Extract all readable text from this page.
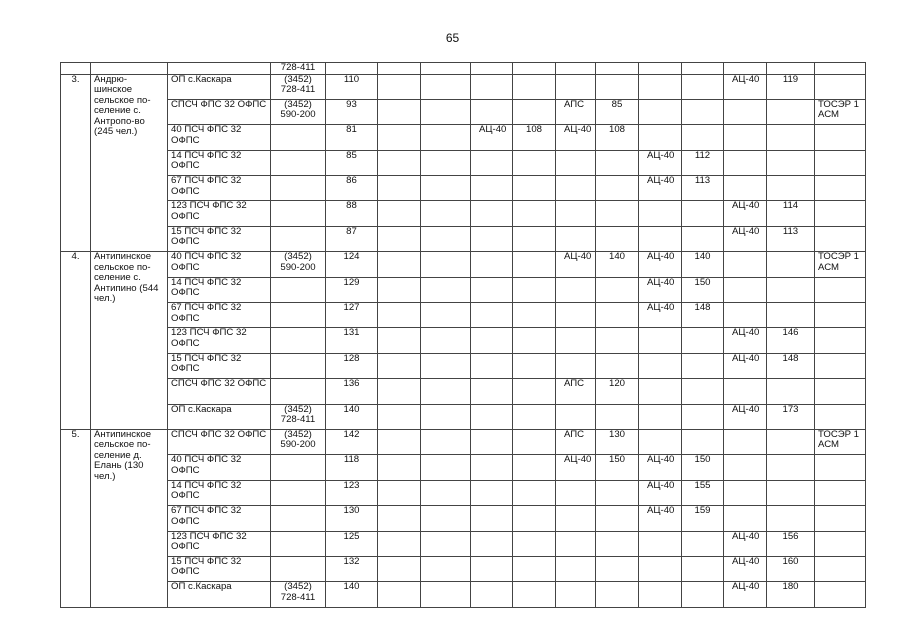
65
			728-411												
3.	Андрю-шинское сельское по-селение с. Антропо-во (245 чел.)	ОП с.Каскара	(3452) 728-411	110									АЦ-40	119	
		СПСЧ ФПС 32 ОФПС	(3452) 590-200	93					АПС	85					ТОСЭР 1 АСМ
		40 ПСЧ ФПС 32 ОФПС		81			АЦ-40	108	АЦ-40	108					
		14 ПСЧ ФПС 32 ОФПС		85							АЦ-40	112			
		67 ПСЧ ФПС 32 ОФПС		86							АЦ-40	113			
		123 ПСЧ ФПС 32 ОФПС		88									АЦ-40	114	
		15 ПСЧ ФПС 32 ОФПС		87									АЦ-40	113	
4.	Антипинское сельское по-селение с. Антипино (544 чел.)	40 ПСЧ ФПС 32 ОФПС	(3452) 590-200	124					АЦ-40	140	АЦ-40	140			ТОСЭР 1 АСМ
		14 ПСЧ ФПС 32 ОФПС		129							АЦ-40	150			
		67 ПСЧ ФПС 32 ОФПС		127							АЦ-40	148			
		123 ПСЧ ФПС 32 ОФПС		131									АЦ-40	146	
		15 ПСЧ ФПС 32 ОФПС		128									АЦ-40	148	
		СПСЧ ФПС 32 ОФПС		136					АПС	120					
		ОП с.Каскара	(3452) 728-411	140									АЦ-40	173	
5.	Антипинское сельское по-селение д. Елань (130 чел.)	СПСЧ ФПС 32 ОФПС	(3452) 590-200	142					АПС	130					ТОСЭР 1 АСМ
		40 ПСЧ ФПС 32 ОФПС		118					АЦ-40	150	АЦ-40	150			
		14 ПСЧ ФПС 32 ОФПС		123							АЦ-40	155			
		67 ПСЧ ФПС 32 ОФПС		130							АЦ-40	159			
		123 ПСЧ ФПС 32 ОФПС		125									АЦ-40	156	
		15 ПСЧ ФПС 32 ОФПС		132									АЦ-40	160	
		ОП с.Каскара	(3452) 728-411	140									АЦ-40	180	
